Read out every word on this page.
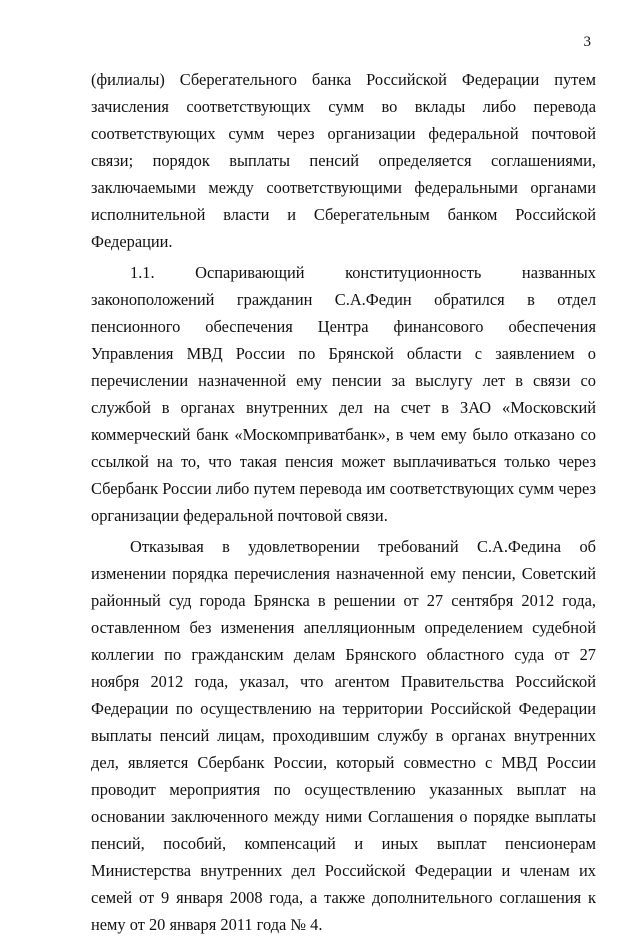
3

(филиалы) Сберегательного банка Российской Федерации путем зачисления соответствующих сумм во вклады либо перевода соответствующих сумм через организации федеральной почтовой связи; порядок выплаты пенсий определяется соглашениями, заключаемыми между соответствующими федеральными органами исполнительной власти и Сберегательным банком Российской Федерации.

1.1. Оспаривающий конституционность названных законоположений гражданин С.А.Федин обратился в отдел пенсионного обеспечения Центра финансового обеспечения Управления МВД России по Брянской области с заявлением о перечислении назначенной ему пенсии за выслугу лет в связи со службой в органах внутренних дел на счет в ЗАО «Московский коммерческий банк «Москомприватбанк», в чем ему было отказано со ссылкой на то, что такая пенсия может выплачиваться только через Сбербанк России либо путем перевода им соответствующих сумм через организации федеральной почтовой связи.

Отказывая в удовлетворении требований С.А.Федина об изменении порядка перечисления назначенной ему пенсии, Советский районный суд города Брянска в решении от 27 сентября 2012 года, оставленном без изменения апелляционным определением судебной коллегии по гражданским делам Брянского областного суда от 27 ноября 2012 года, указал, что агентом Правительства Российской Федерации по осуществлению на территории Российской Федерации выплаты пенсий лицам, проходившим службу в органах внутренних дел, является Сбербанк России, который совместно с МВД России проводит мероприятия по осуществлению указанных выплат на основании заключенного между ними Соглашения о порядке выплаты пенсий, пособий, компенсаций и иных выплат пенсионерам Министерства внутренних дел Российской Федерации и членам их семей от 9 января 2008 года, а также дополнительного соглашения к нему от 20 января 2011 года № 4.
